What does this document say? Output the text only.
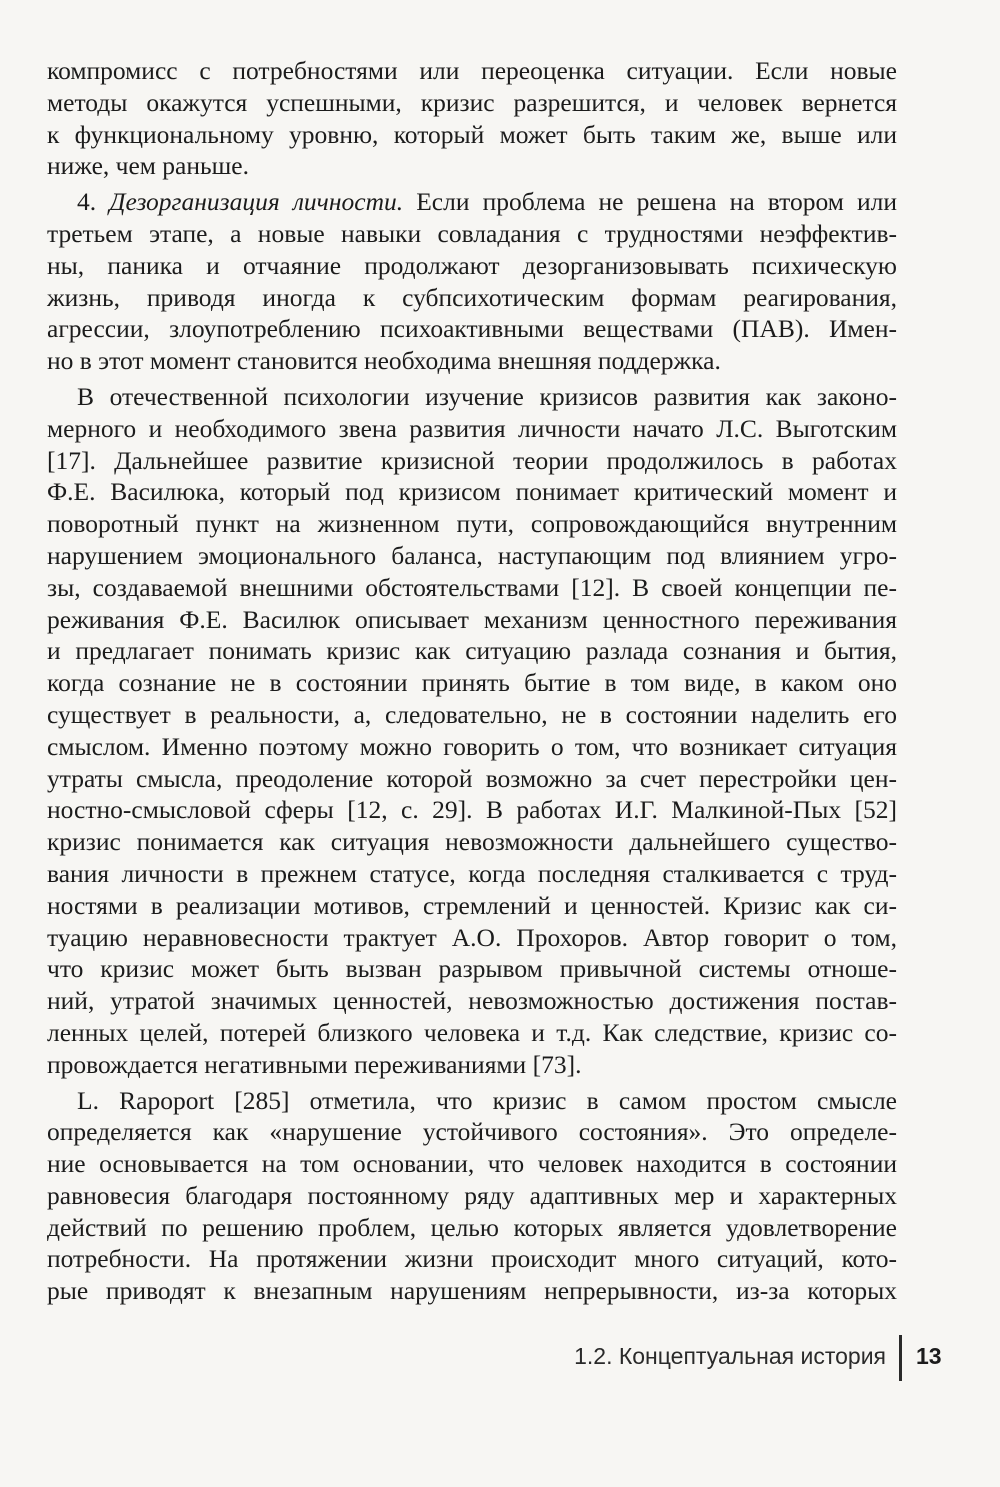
компромисс с потребностями или переоценка ситуации. Если новые
методы окажутся успешными, кризис разрешится, и человек вернется
к функциональному уровню, который может быть таким же, выше или
ниже, чем раньше.
4. Дезорганизация личности. Если проблема не решена на втором или
третьем этапе, а новые навыки совладания с трудностями неэффектив-
ны, паника и отчаяние продолжают дезорганизовывать психическую
жизнь, приводя иногда к субпсихотическим формам реагирования,
агрессии, злоупотреблению психоактивными веществами (ПАВ). Имен-
но в этот момент становится необходима внешняя поддержка.
В отечественной психологии изучение кризисов развития как законо-
мерного и необходимого звена развития личности начато Л.С. Выготским
[17]. Дальнейшее развитие кризисной теории продолжилось в работах
Ф.Е. Василюка, который под кризисом понимает критический момент и
поворотный пункт на жизненном пути, сопровождающийся внутренним
нарушением эмоционального баланса, наступающим под влиянием угро-
зы, создаваемой внешними обстоятельствами [12]. В своей концепции пе-
реживания Ф.Е. Василюк описывает механизм ценностного переживания
и предлагает понимать кризис как ситуацию разлада сознания и бытия,
когда сознание не в состоянии принять бытие в том виде, в каком оно
существует в реальности, а, следовательно, не в состоянии наделить его
смыслом. Именно поэтому можно говорить о том, что возникает ситуация
утраты смысла, преодоление которой возможно за счет перестройки цен-
ностно-смысловой сферы [12, с. 29]. В работах И.Г. Малкиной-Пых [52]
кризис понимается как ситуация невозможности дальнейшего существо-
вания личности в прежнем статусе, когда последняя сталкивается с труд-
ностями в реализации мотивов, стремлений и ценностей. Кризис как си-
туацию неравновесности трактует А.О. Прохоров. Автор говорит о том,
что кризис может быть вызван разрывом привычной системы отноше-
ний, утратой значимых ценностей, невозможностью достижения постав-
ленных целей, потерей близкого человека и т.д. Как следствие, кризис со-
провождается негативными переживаниями [73].
L. Rapoport [285] отметила, что кризис в самом простом смысле
определяется как «нарушение устойчивого состояния». Это определе-
ние основывается на том основании, что человек находится в состоянии
равновесия благодаря постоянному ряду адаптивных мер и характерных
действий по решению проблем, целью которых является удовлетворение
потребности. На протяжении жизни происходит много ситуаций, кото-
рые приводят к внезапным нарушениям непрерывности, из-за которых
1.2. Концептуальная история 13
